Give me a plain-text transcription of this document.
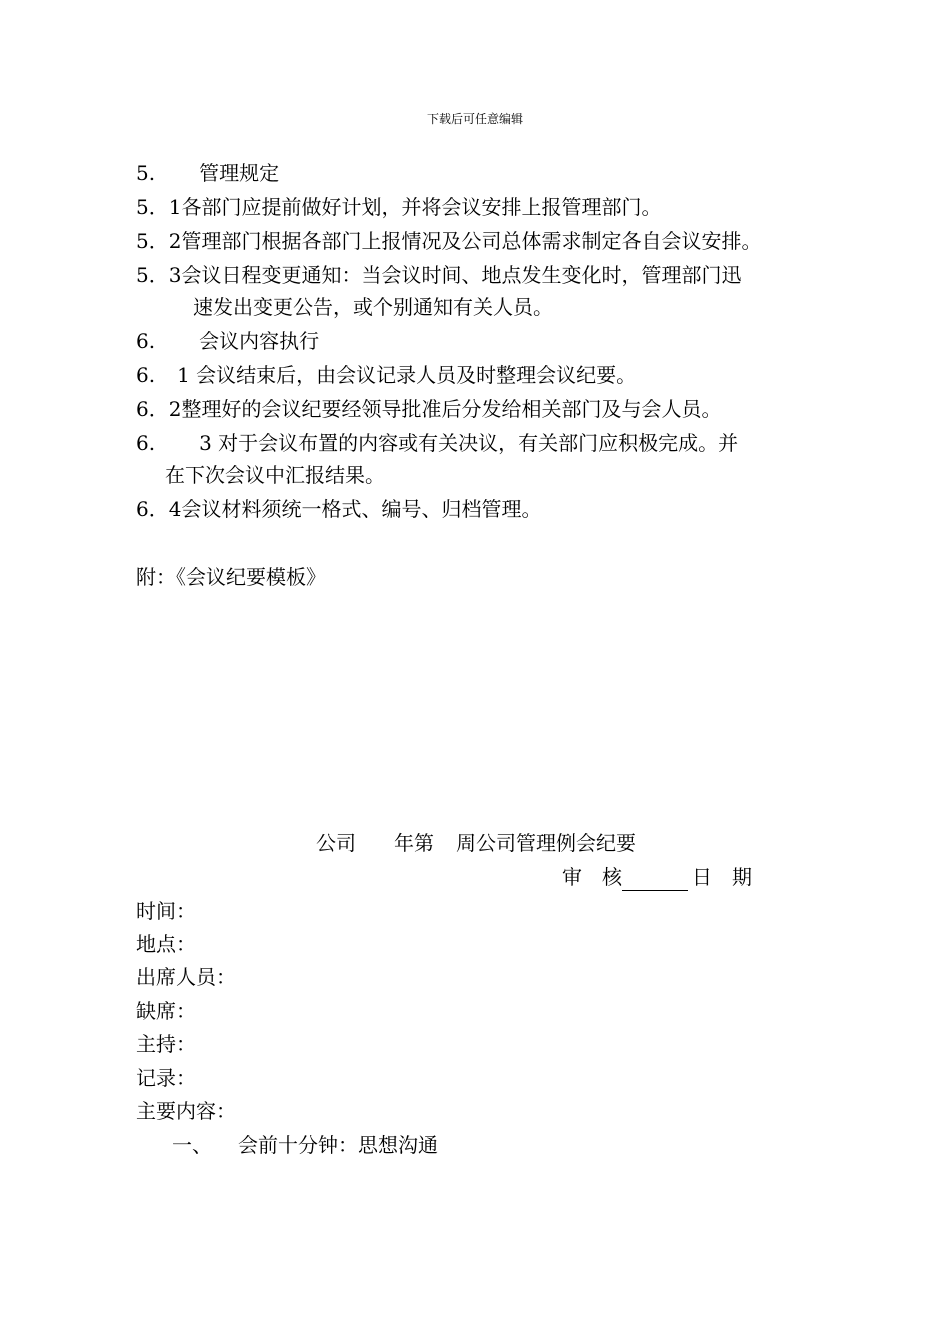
下载后可任意编辑
5. 管理规定
5．1各部门应提前做好计划，并将会议安排上报管理部门。
5．2管理部门根据各部门上报情况及公司总体需求制定各自会议安排。
5．3会议日程变更通知：当会议时间、地点发生变化时，管理部门迅
速发出变更公告，或个别通知有关人员。
6. 会议内容执行
6. 1 会议结束后，由会议记录人员及时整理会议纪要。
6．2整理好的会议纪要经领导批准后分发给相关部门及与会人员。
6. 3 对于会议布置的内容或有关决议，有关部门应积极完成。并
在下次会议中汇报结果。
6．4会议材料须统一格式、编号、归档管理。
附：《会议纪要模板》
公司 年第 周公司管理例会纪要
审　核	日　期
时间：
地点：
出席人员：
缺席：
主持：
记录：
主要内容：
一、 会前十分钟：思想沟通
